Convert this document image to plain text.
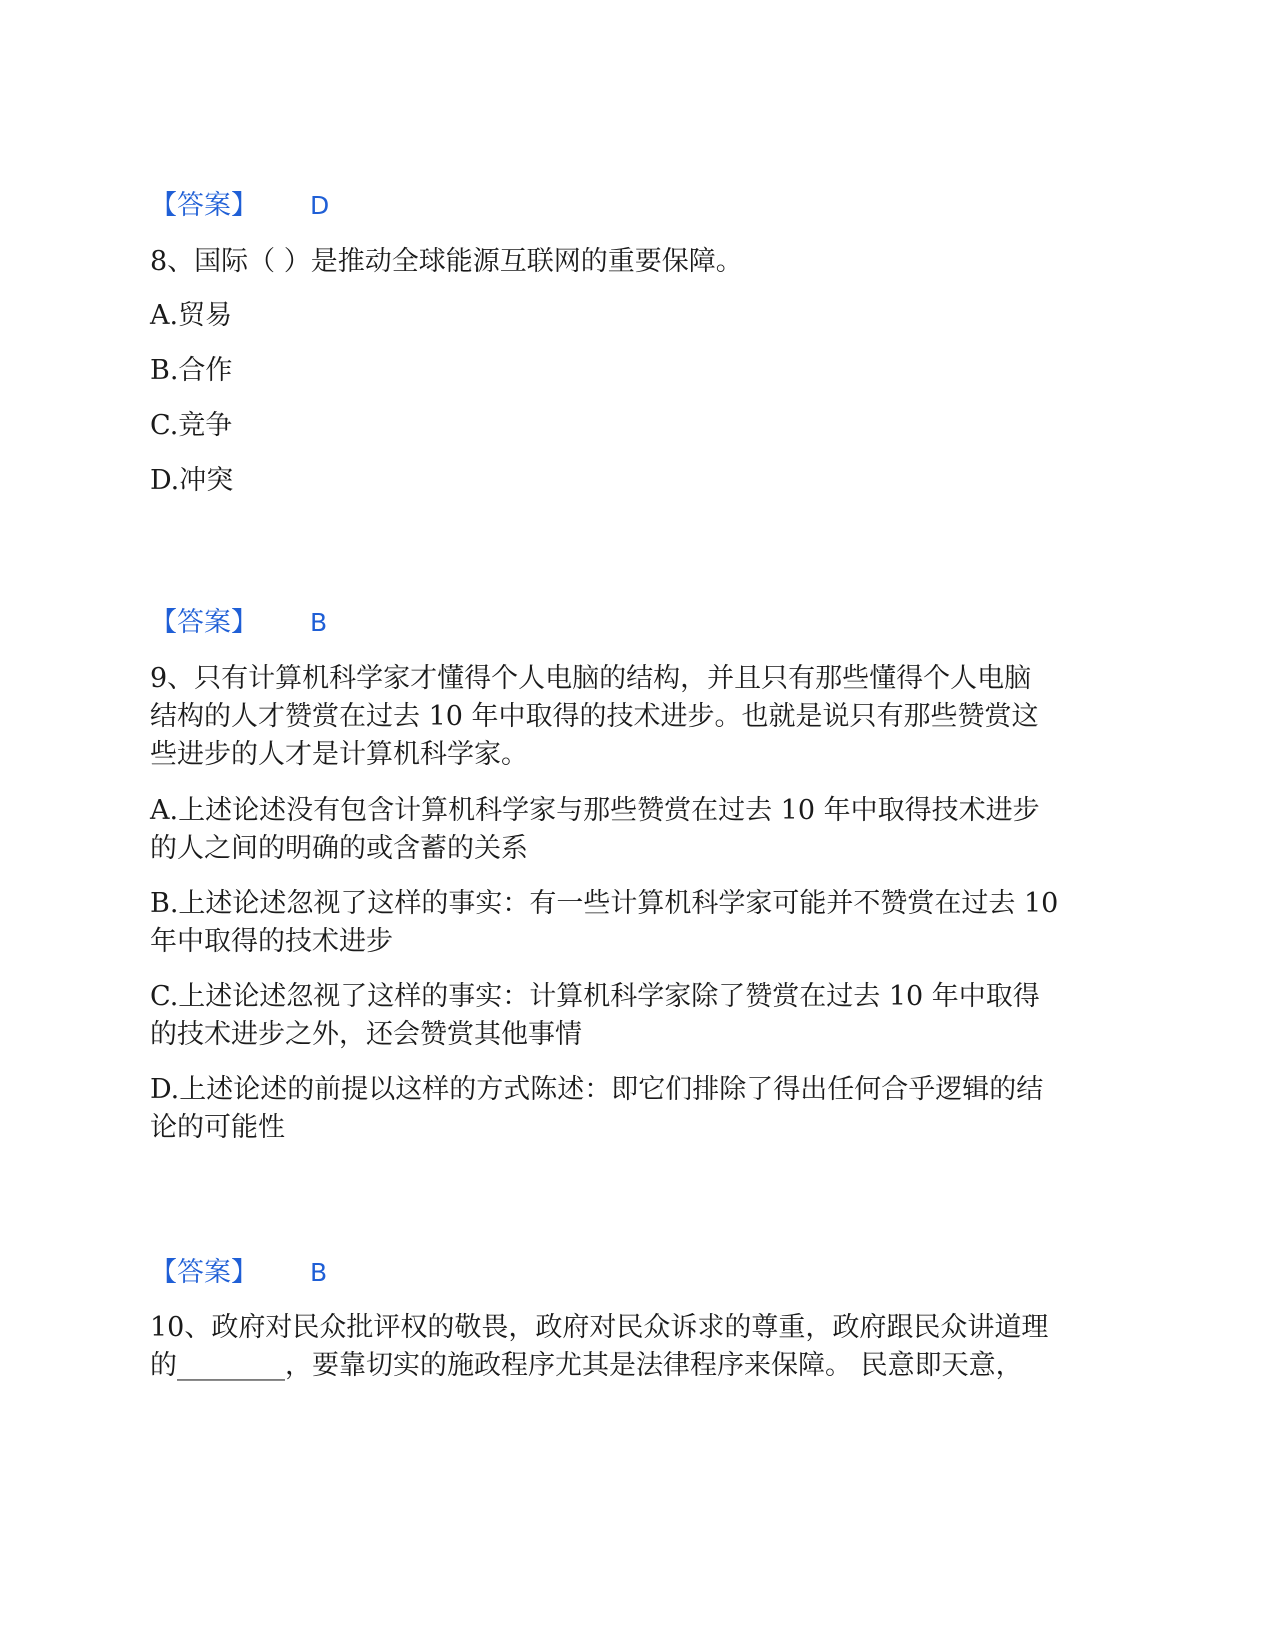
【答案】 D
8、国际（ ）是推动全球能源互联网的重要保障。
A.贸易
B.合作
C.竞争
D.冲突
【答案】 B
9、只有计算机科学家才懂得个人电脑的结构，并且只有那些懂得个人电脑
结构的人才赞赏在过去 10 年中取得的技术进步。也就是说只有那些赞赏这
些进步的人才是计算机科学家。
A.上述论述没有包含计算机科学家与那些赞赏在过去 10 年中取得技术进步
的人之间的明确的或含蓄的关系
B.上述论述忽视了这样的事实：有一些计算机科学家可能并不赞赏在过去 10
年中取得的技术进步
C.上述论述忽视了这样的事实：计算机科学家除了赞赏在过去 10 年中取得
的技术进步之外，还会赞赏其他事情
D.上述论述的前提以这样的方式陈述：即它们排除了得出任何合乎逻辑的结
论的可能性
【答案】 B
10、政府对民众批评权的敬畏，政府对民众诉求的尊重，政府跟民众讲道理
的________，要靠切实的施政程序尤其是法律程序来保障。 民意即天意，
